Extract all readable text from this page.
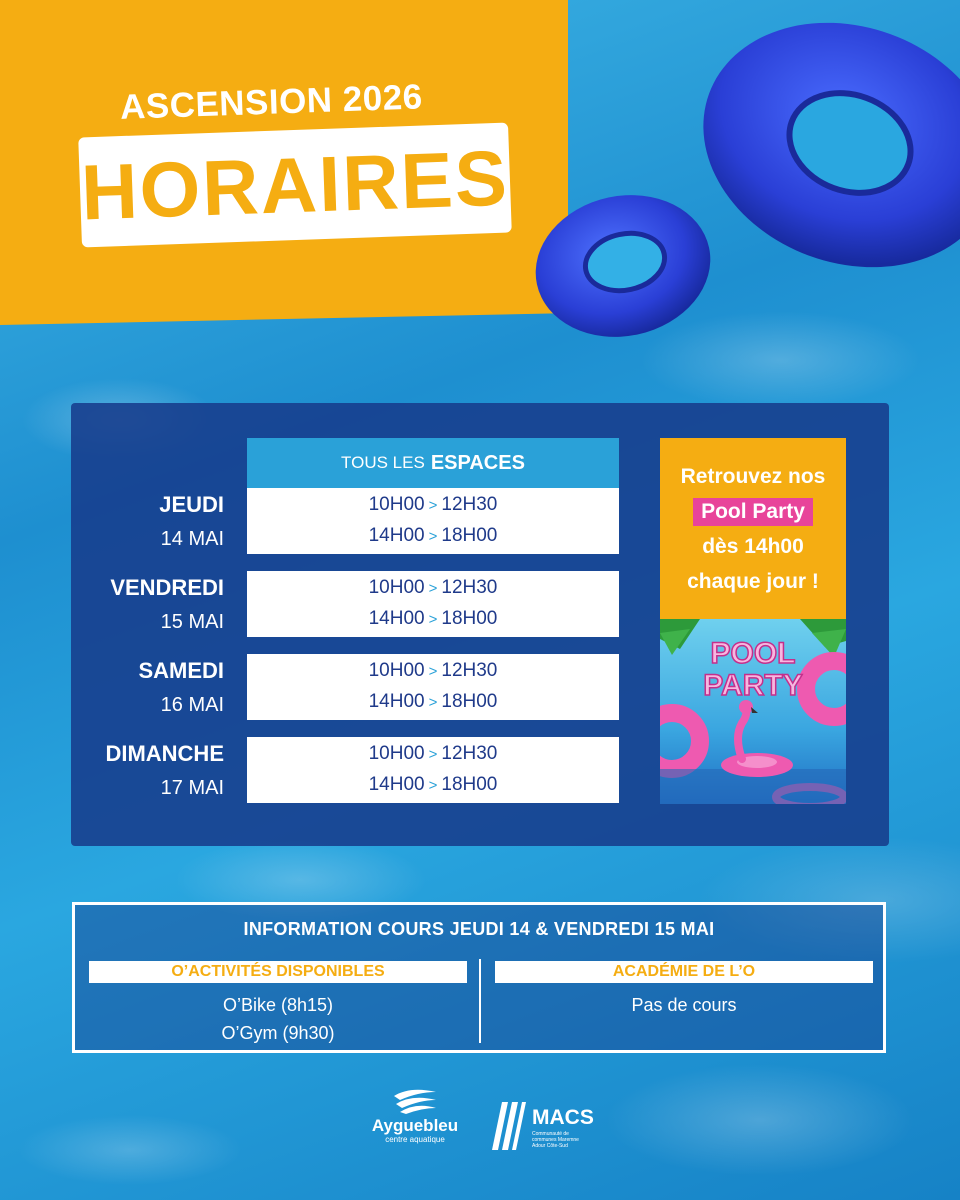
ASCENSION 2026
HORAIRES
TOUS LES ESPACES
JEUDI
14 MAI
10H00 > 12H30
14H00 > 18H00
VENDREDI
15 MAI
10H00 > 12H30
14H00 > 18H00
SAMEDI
16 MAI
10H00 > 12H30
14H00 > 18H00
DIMANCHE
17 MAI
10H00 > 12H30
14H00 > 18H00
Retrouvez nos
Pool Party
dès 14h00
chaque jour !
POOL
PARTY
INFORMATION COURS JEUDI 14 & VENDREDI 15 MAI
O’ACTIVITÉS DISPONIBLES	ACADÉMIE DE L’O
O’Bike (8h15)
O’Gym (9h30)
Pas de cours
Ayguebleu
centre aquatique
MACS
Communauté de communes Maremne Adour Côte-Sud
